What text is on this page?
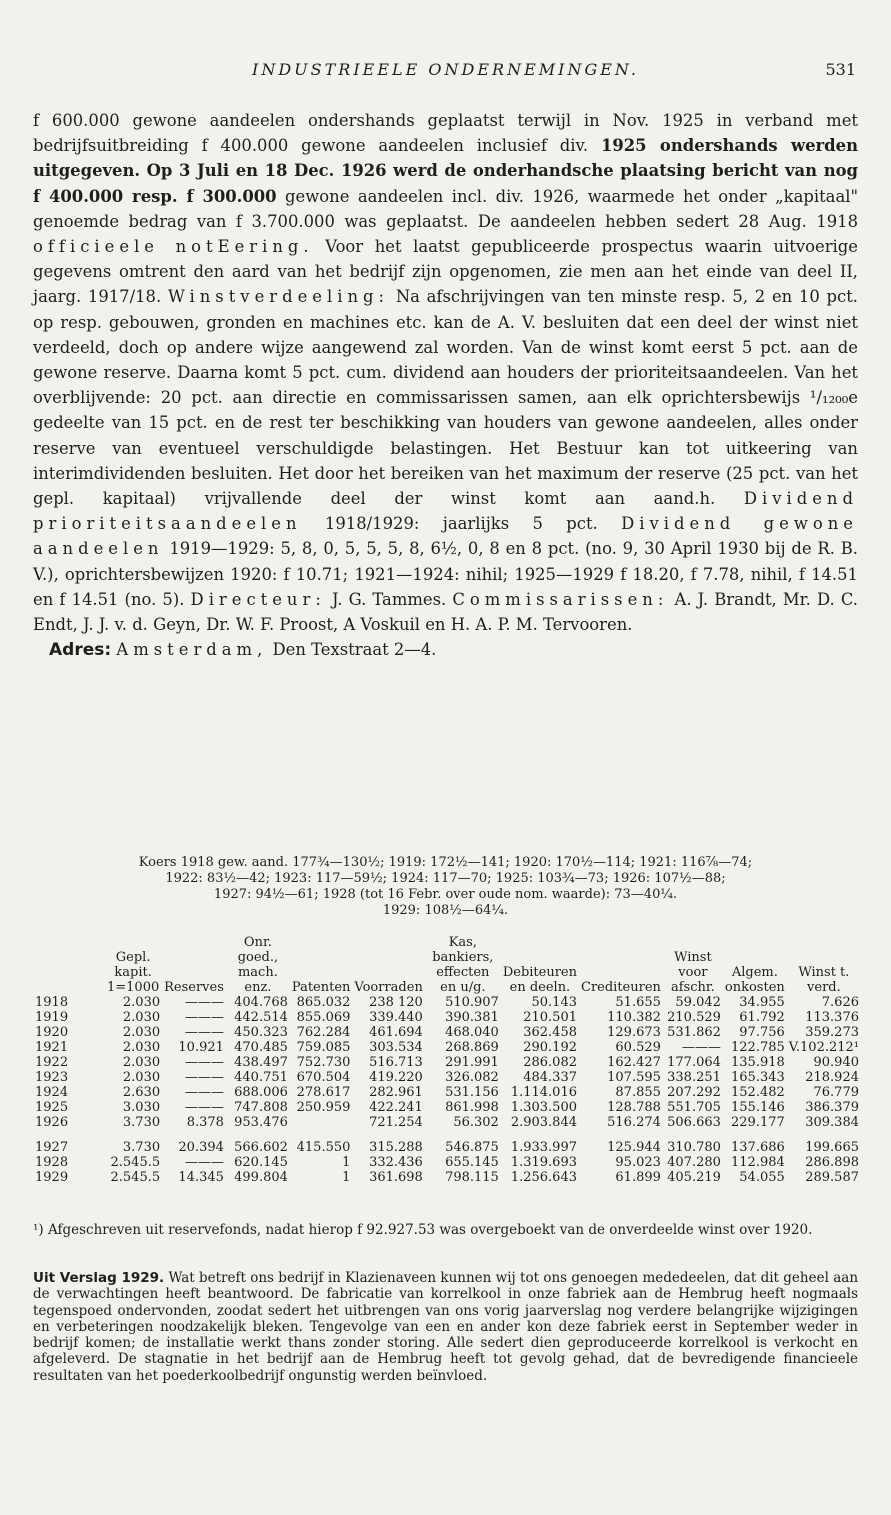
INDUSTRIEELE ONDERNEMINGEN.	531

f 600.000 gewone aandeelen ondershands geplaatst terwijl in Nov. 1925 in verband met bedrijfsuitbreiding f 400.000 gewone aandeelen inclusief div. 1925 ondershands werden uitgegeven. Op 3 Juli en 18 Dec. 1926 werd de onderhandsche plaatsing bericht van nog f 400.000 resp. f 300.000 gewone aandeelen incl. div. 1926, waarmede het onder „kapitaal" genoemde bedrag van f 3.700.000 was geplaatst. De aandeelen hebben sedert 28 Aug. 1918 officieele notEering. Voor het laatst gepubliceerde prospectus waarin uitvoerige gegevens omtrent den aard van het bedrijf zijn opgenomen, zie men aan het einde van deel II, jaarg. 1917/18. Winstverdeeling: Na afschrijvingen van ten minste resp. 5, 2 en 10 pct. op resp. gebouwen, gronden en machines etc. kan de A. V. besluiten dat een deel der winst niet verdeeld, doch op andere wijze aangewend zal worden. Van de winst komt eerst 5 pct. aan de gewone reserve. Daarna komt 5 pct. cum. dividend aan houders der prioriteitsaandeelen. Van het overblijvende: 20 pct. aan directie en commissarissen samen, aan elk oprichtersbewijs ¹/₁₂₀₀e gedeelte van 15 pct. en de rest ter beschikking van houders van gewone aandeelen, alles onder reserve van eventueel verschuldigde belastingen. Het Bestuur kan tot uitkeering van interimdividenden besluiten. Het door het bereiken van het maximum der reserve (25 pct. van het gepl. kapitaal) vrijvallende deel der winst komt aan aand.h. Dividend prioriteitsaandeelen 1918/1929: jaarlijks 5 pct. Dividend gewone aandeelen 1919—1929: 5, 8, 0, 5, 5, 5, 8, 6½, 0, 8 en 8 pct. (no. 9, 30 April 1930 bij de R. B. V.), oprichtersbewijzen 1920: f 10.71; 1921—1924: nihil; 1925—1929 f 18.20, f 7.78, nihil, f 14.51 en f 14.51 (no. 5). Directeur: J. G. Tammes. Commissarissen: A. J. Brandt, Mr. D. C. Endt, J. J. v. d. Geyn, Dr. W. F. Proost, A Voskuil en H. A. P. M. Tervooren.

Adres: Amsterdam, Den Texstraat 2—4.

Koers 1918 gew. aand. 177¾—130½; 1919: 172½—141; 1920: 170½—114; 1921: 116⅞—74;
1922: 83½—42; 1923: 117—59½; 1924: 117—70; 1925: 103¾—73; 1926: 107½—88;
1927: 94½—61; 1928 (tot 16 Febr. over oude nom. waarde): 73—40¼.
1929: 108½—64¼.
	Gepl. kapit. 1=1000	Reserves	Onr. goed., mach. enz.	Patenten	Voorraden	Kas, bankiers, effecten en u/g.	Debiteuren en deeln.	Crediteuren	Winst voor afschr.	Algem. onkosten	Winst t. verd.
1918	2.030	———	404.768	865.032	238 120	510.907	50.143	51.655	59.042	34.955	7.626
1919	2.030	———	442.514	855.069	339.440	390.381	210.501	110.382	210.529	61.792	113.376
1920	2.030	———	450.323	762.284	461.694	468.040	362.458	129.673	531.862	97.756	359.273
1921	2.030	10.921	470.485	759.085	303.534	268.869	290.192	60.529	———	122.785	V.102.212¹
1922	2.030	———	438.497	752.730	516.713	291.991	286.082	162.427	177.064	135.918	90.940
1923	2.030	———	440.751	670.504	419.220	326.082	484.337	107.595	338.251	165.343	218.924
1924	2.630	———	688.006	278.617	282.961	531.156	1.114.016	87.855	207.292	152.482	76.779
1925	3.030	———	747.808	250.959	422.241	861.998	1.303.500	128.788	551.705	155.146	386.379
1926	3.730	8.378	953.476		721.254	56.302	2.903.844	516.274	506.663	229.177	309.384
1927	3.730	20.394	566.602	415.550	315.288	546.875	1.933.997	125.944	310.780	137.686	199.665
1928	2.545.5	———	620.145	1	332.436	655.145	1.319.693	95.023	407.280	112.984	286.898
1929	2.545.5	14.345	499.804	1	361.698	798.115	1.256.643	61.899	405.219	54.055	289.587
¹) Afgeschreven uit reservefonds, nadat hierop f 92.927.53 was overgeboekt van de onverdeelde winst over 1920.

Uit Verslag 1929. Wat betreft ons bedrijf in Klazienaveen kunnen wij tot ons genoegen mededeelen, dat dit geheel aan de verwachtingen heeft beantwoord. De fabricatie van korrelkool in onze fabriek aan de Hembrug heeft nogmaals tegenspoed ondervonden, zoodat sedert het uitbrengen van ons vorig jaarverslag nog verdere belangrijke wijzigingen en verbeteringen noodzakelijk bleken. Tengevolge van een en ander kon deze fabriek eerst in September weder in bedrijf komen; de installatie werkt thans zonder storing. Alle sedert dien geproduceerde korrelkool is verkocht en afgeleverd. De stagnatie in het bedrijf aan de Hembrug heeft tot gevolg gehad, dat de bevredigende financieele resultaten van het poederkoolbedrijf ongunstig werden beïnvloed.
